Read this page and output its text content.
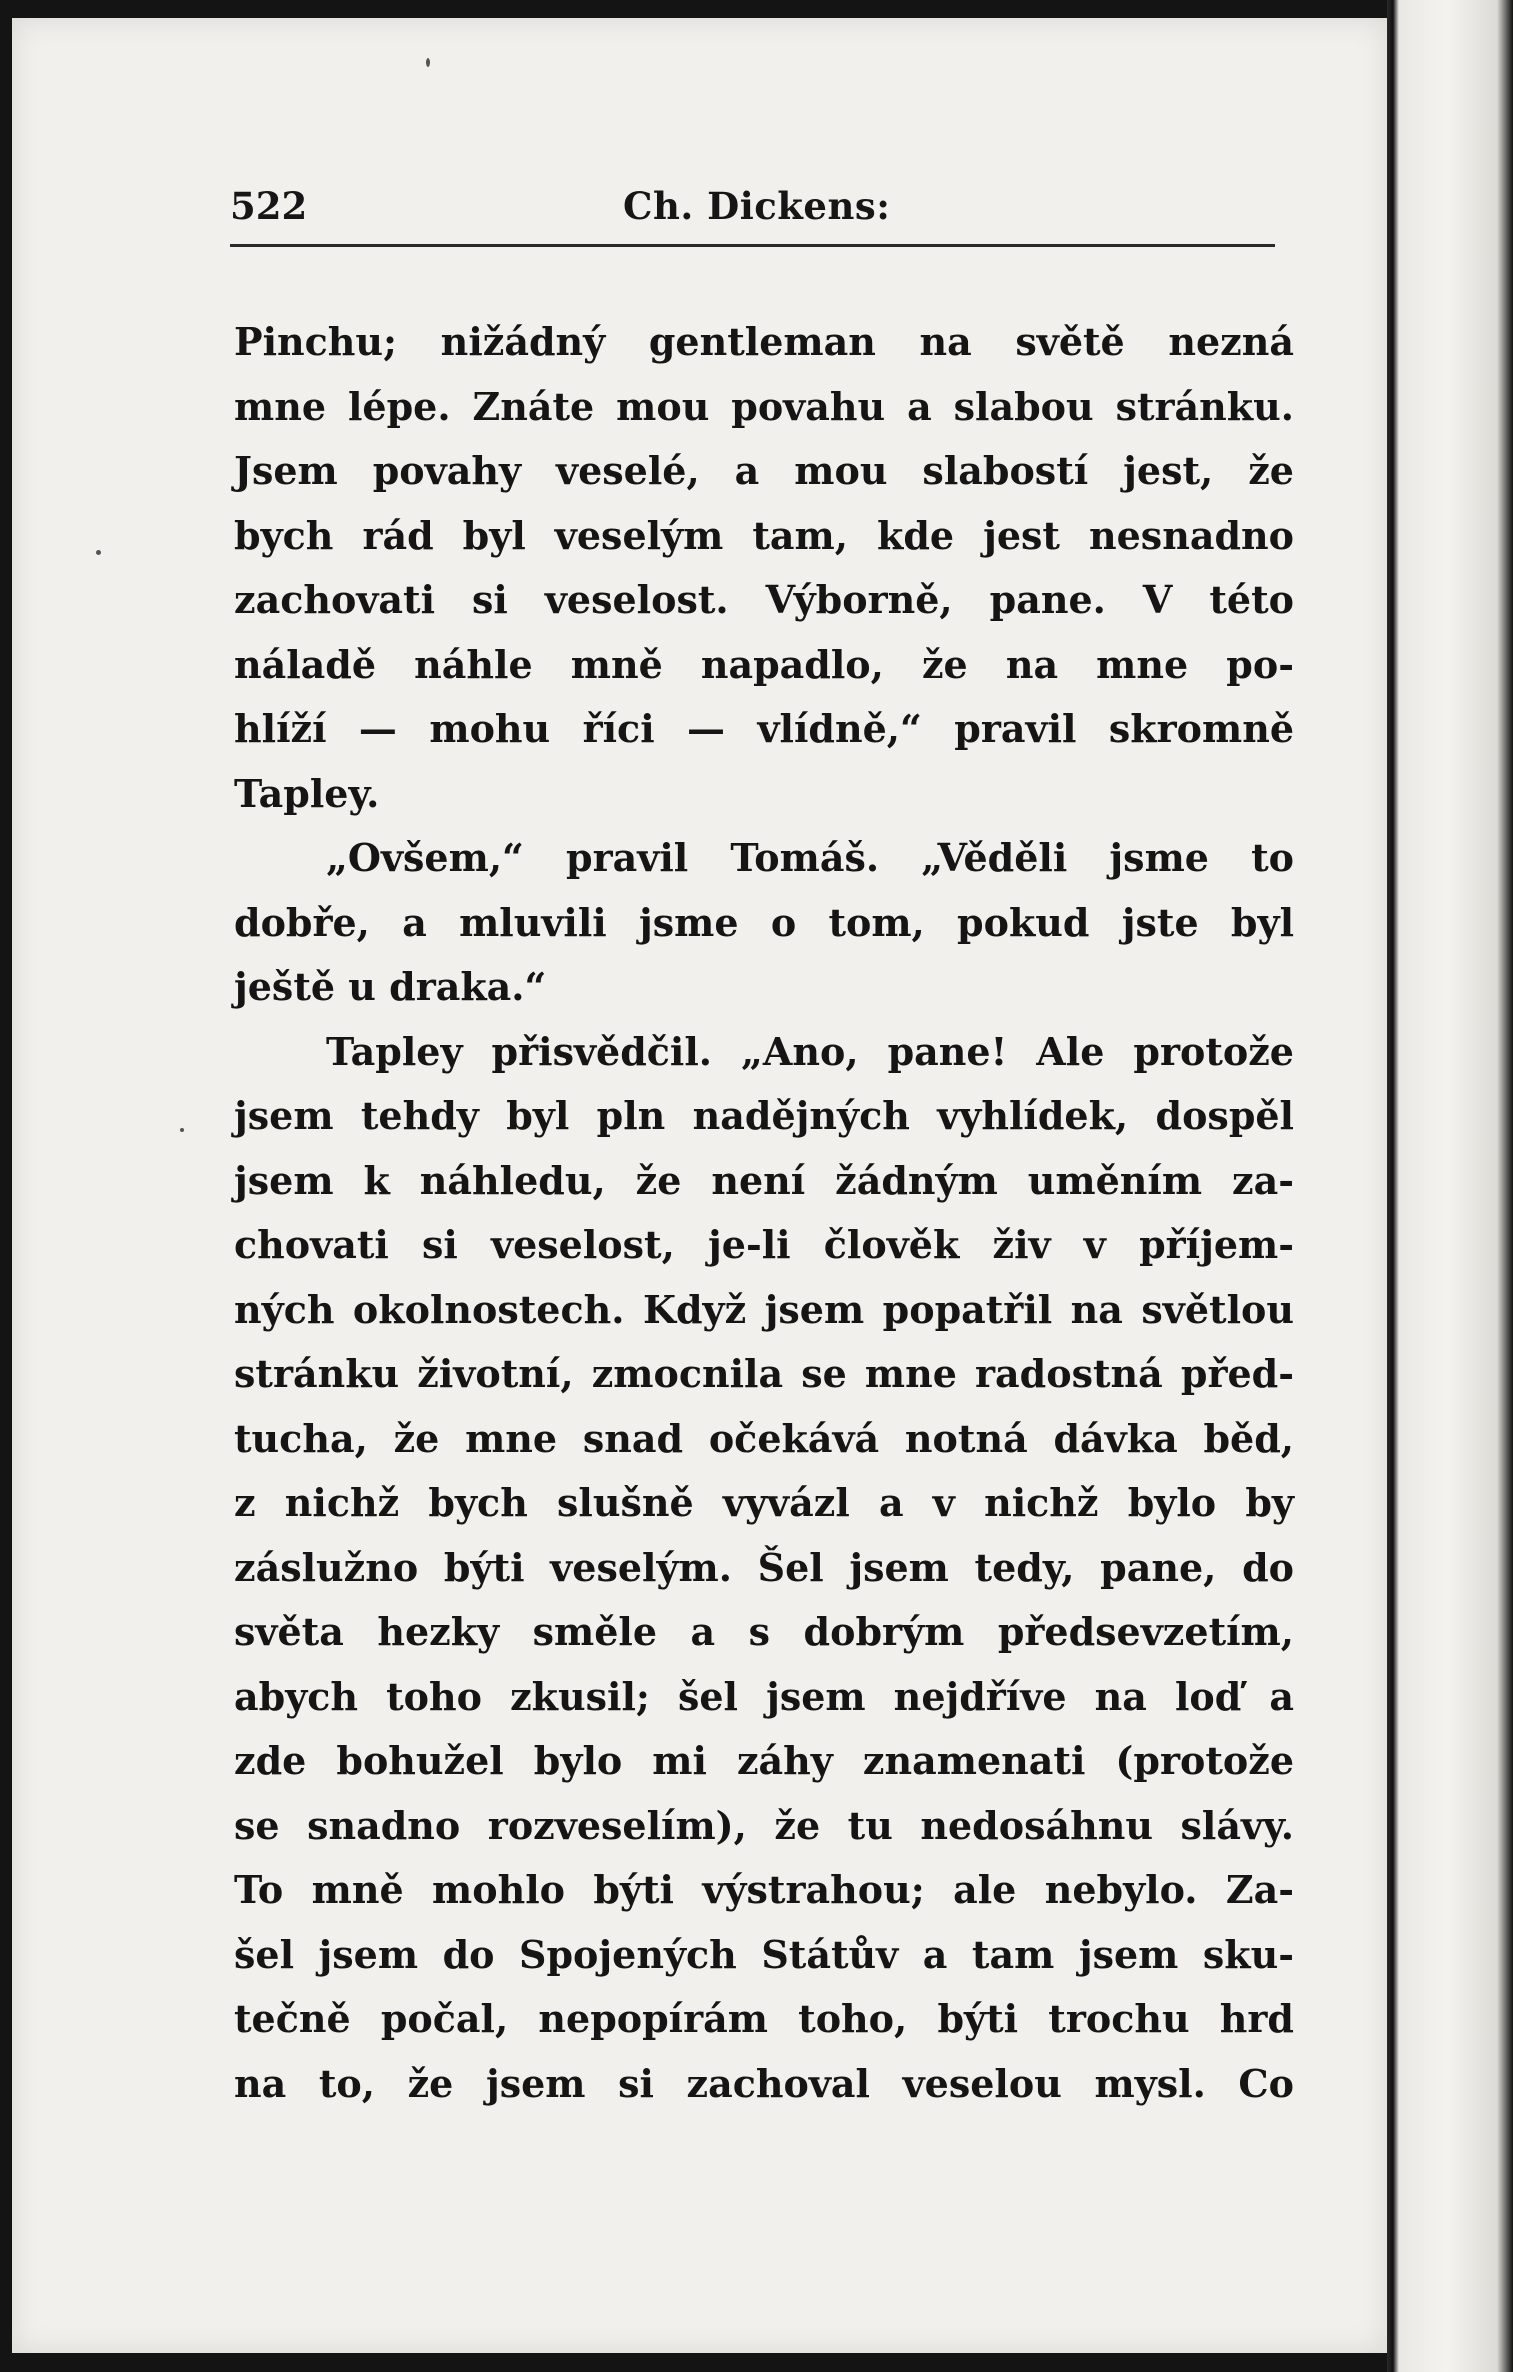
522	Ch. Dickens:
Pinchu; nižádný gentleman na světě nezná
mne lépe. Znáte mou povahu a slabou stránku.
Jsem povahy veselé, a mou slabostí jest, že
bych rád byl veselým tam, kde jest nesnadno
zachovati si veselost. Výborně, pane. V této
náladě náhle mně napadlo, že na mne po-
hlíží — mohu říci — vlídně,“ pravil skromně
Tapley.
„Ovšem,“ pravil Tomáš. „Věděli jsme to
dobře, a mluvili jsme o tom, pokud jste byl
ještě u draka.“
Tapley přisvědčil. „Ano, pane! Ale protože
jsem tehdy byl pln nadějných vyhlídek, dospěl
jsem k náhledu, že není žádným uměním za-
chovati si veselost, je-li člověk živ v příjem-
ných okolnostech. Když jsem popatřil na světlou
stránku životní, zmocnila se mne radostná před-
tucha, že mne snad očekává notná dávka běd,
z nichž bych slušně vyvázl a v nichž bylo by
záslužno býti veselým. Šel jsem tedy, pane, do
světa hezky směle a s dobrým předsevzetím,
abych toho zkusil; šel jsem nejdříve na loď a
zde bohužel bylo mi záhy znamenati (protože
se snadno rozveselím), že tu nedosáhnu slávy.
To mně mohlo býti výstrahou; ale nebylo. Za-
šel jsem do Spojených Státův a tam jsem sku-
tečně počal, nepopírám toho, býti trochu hrd
na to, že jsem si zachoval veselou mysl. Co
